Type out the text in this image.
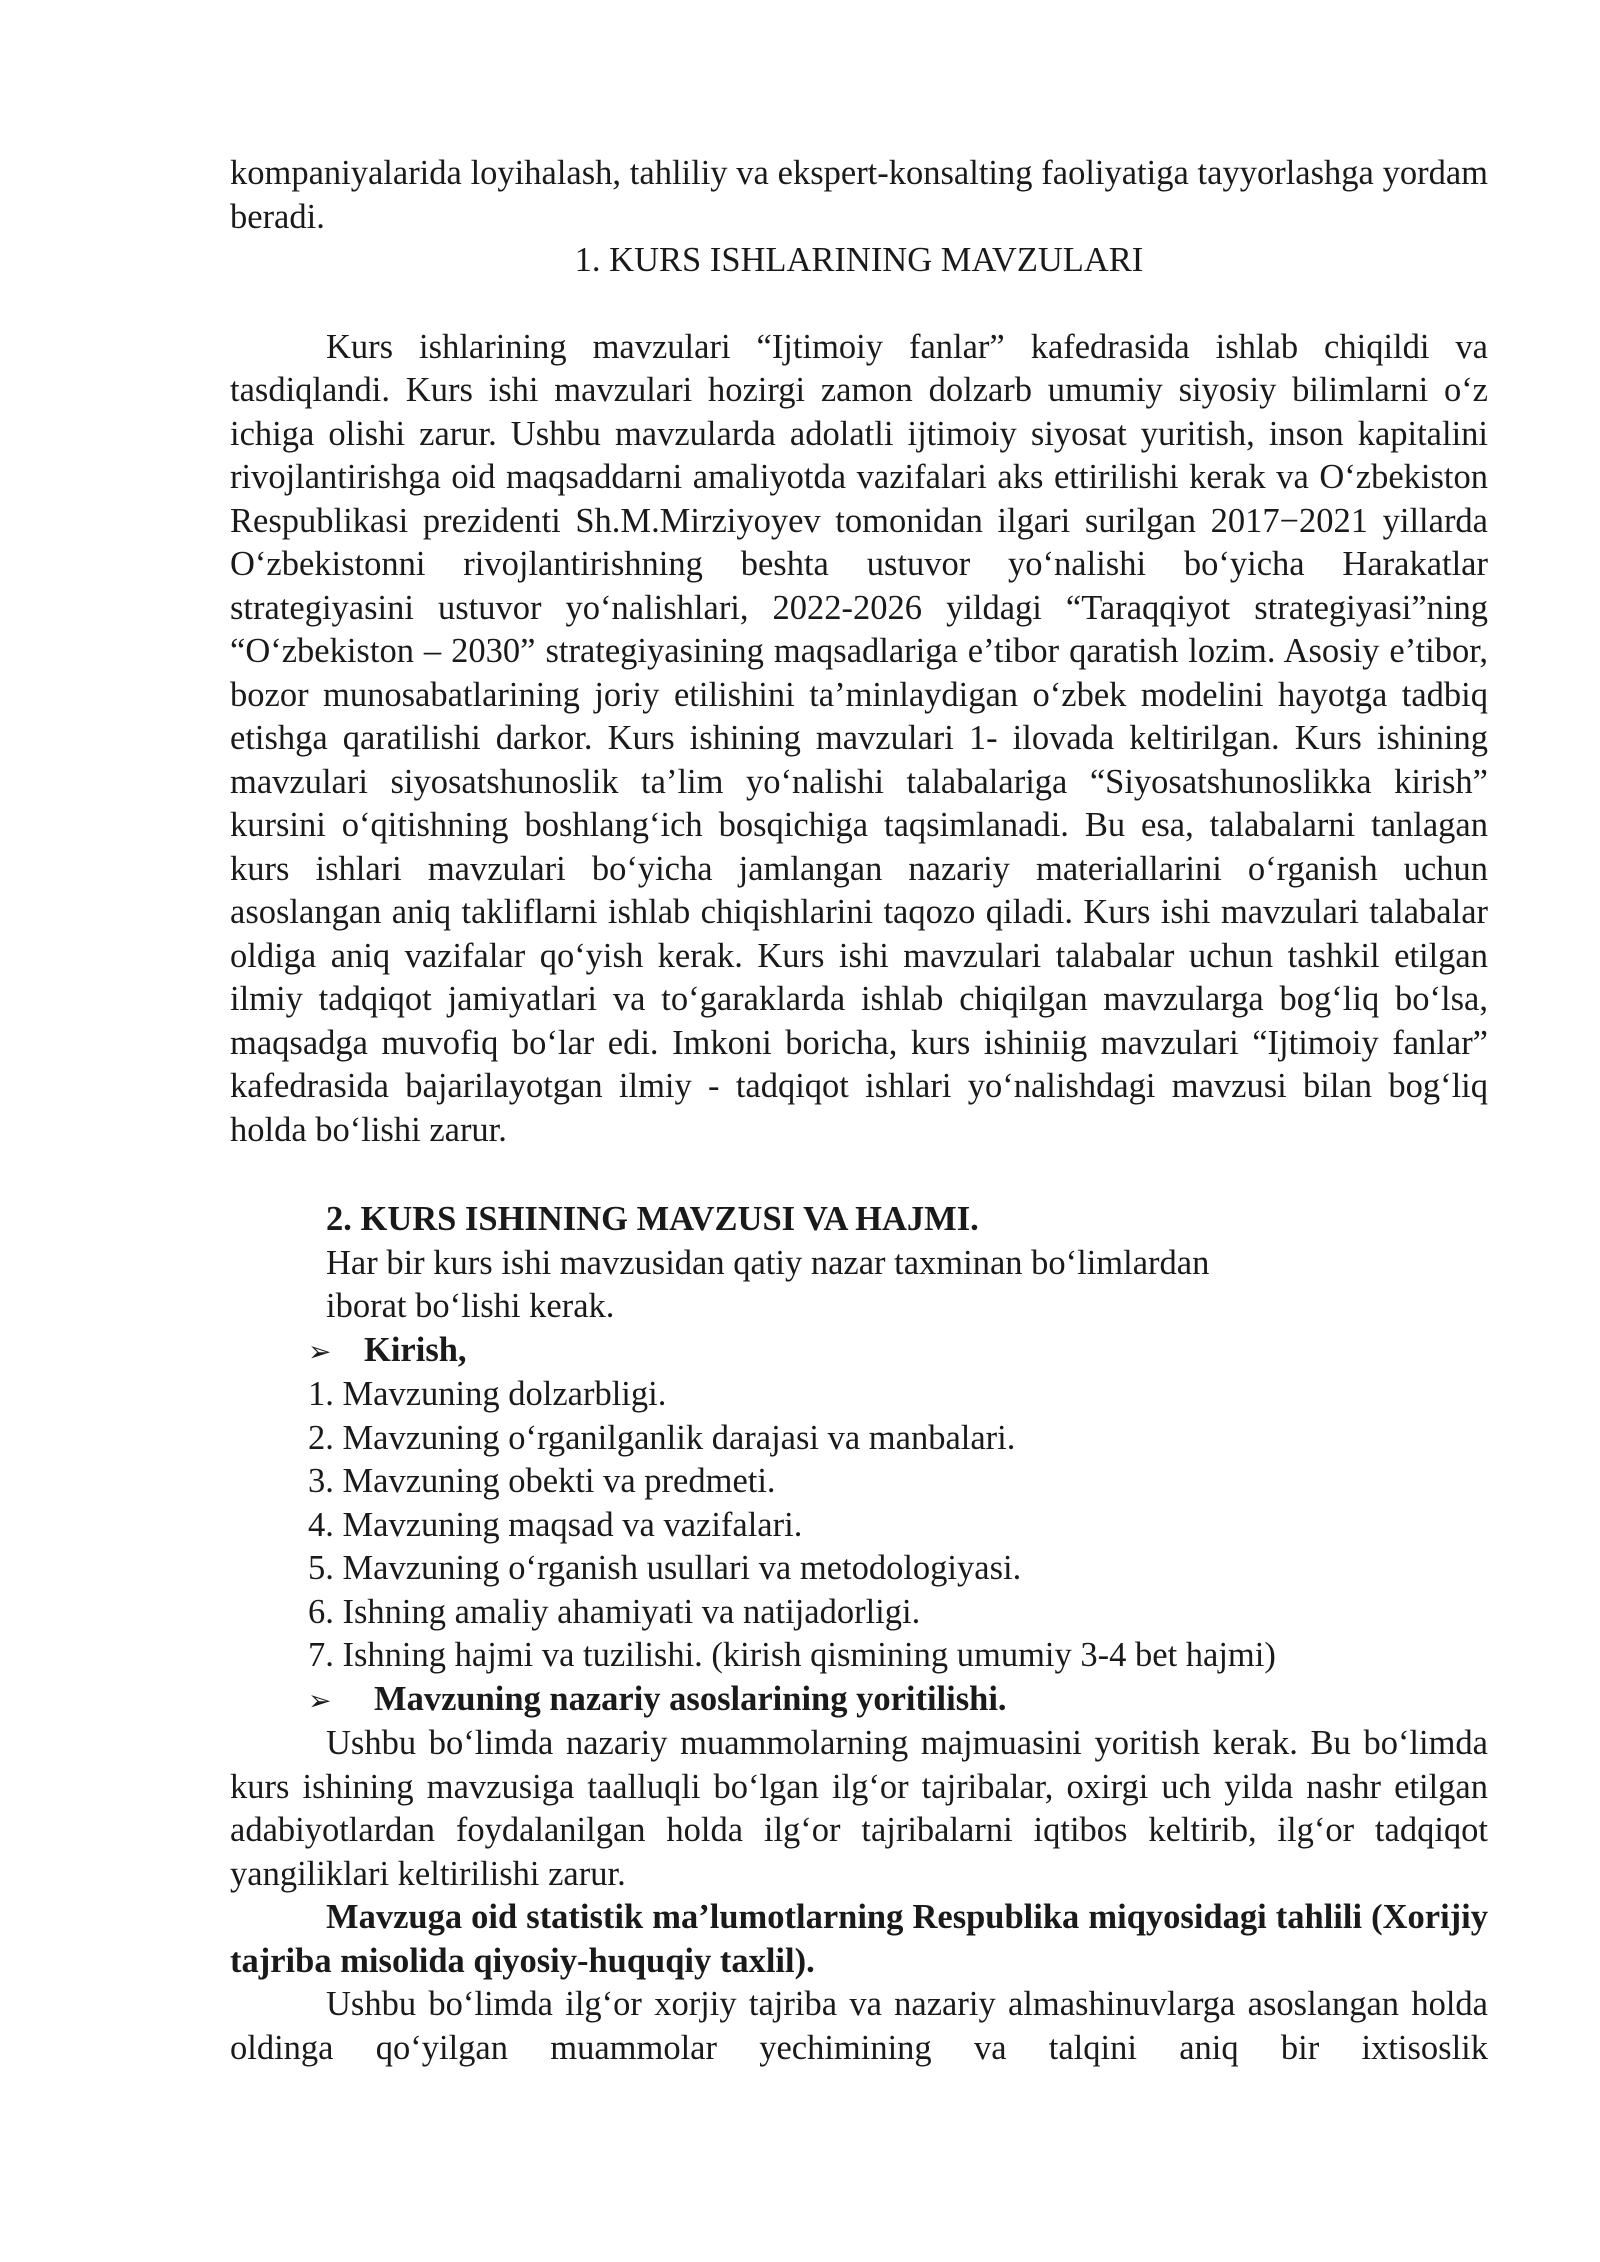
kompaniyalarida loyihalash, tahliliy va ekspert-konsalting faoliyatiga tayyorlashga yordam beradi.

1. KURS ISHLARINING MAVZULARI

Kurs ishlarining mavzulari “Ijtimoiy fanlar” kafedrasida ishlab chiqildi va tasdiqlandi. Kurs ishi mavzulari hozirgi zamon dolzarb umumiy siyosiy bilimlarni o‘z ichiga olishi zarur. Ushbu mavzularda adolatli ijtimoiy siyosat yuritish, inson kapitalini rivojlantirishga oid maqsaddarni amaliyotda vazifalari aks ettirilishi kerak va O‘zbekiston Respublikasi prezidenti Sh.M.Mirziyoyev tomonidan ilgari surilgan 2017−2021 yillarda O‘zbekistonni rivojlantirishning beshta ustuvor yo‘nalishi bo‘yicha Harakatlar strategiyasini ustuvor yo‘nalishlari, 2022-2026 yildagi “Taraqqiyot strategiyasi”ning “O‘zbekiston – 2030” strategiyasining maqsadlariga e’tibor qaratish lozim. Asosiy e’tibor, bozor munosabatlarining joriy etilishini ta’minlaydigan o‘zbek modelini hayotga tadbiq etishga qaratilishi darkor. Kurs ishining mavzulari 1- ilovada keltirilgan. Kurs ishining mavzulari siyosatshunoslik ta’lim yo‘nalishi talabalariga “Siyosatshunoslikka kirish” kursini o‘qitishning boshlang‘ich bosqichiga taqsimlanadi. Bu esa, talabalarni tanlagan kurs ishlari mavzulari bo‘yicha jamlangan nazariy materiallarini o‘rganish uchun asoslangan aniq takliflarni ishlab chiqishlarini taqozo qiladi. Kurs ishi mavzulari talabalar oldiga aniq vazifalar qo‘yish kerak. Kurs ishi mavzulari talabalar uchun tashkil etilgan ilmiy tadqiqot jamiyatlari va to‘garaklarda ishlab chiqilgan mavzularga bog‘liq bo‘lsa, maqsadga muvofiq bo‘lar edi. Imkoni boricha, kurs ishiniig mavzulari “Ijtimoiy fanlar” kafedrasida bajarilayotgan ilmiy - tadqiqot ishlari yo‘nalishdagi mavzusi bilan bog‘liq holda bo‘lishi zarur.

2. KURS ISHINING MAVZUSI VA HAJMI.

Har bir kurs ishi mavzusidan qatiy nazar taxminan bo‘limlardan

iborat bo‘lishi kerak.

➢ Kirish,
1. Mavzuning dolzarbligi.
2. Mavzuning o‘rganilganlik darajasi va manbalari.
3. Mavzuning obekti va predmeti.
4. Mavzuning maqsad va vazifalari.
5. Mavzuning o‘rganish usullari va metodologiyasi.
6. Ishning amaliy ahamiyati va natijadorligi.
7. Ishning hajmi va tuzilishi. (kirish qismining umumiy 3-4 bet hajmi)
➢	Mavzuning nazariy asoslarining yoritilishi.

Ushbu bo‘limda nazariy muammolarning majmuasini yoritish kerak. Bu bo‘limda kurs ishining mavzusiga taalluqli bo‘lgan ilg‘or tajribalar, oxirgi uch yilda nashr etilgan adabiyotlardan foydalanilgan holda ilg‘or tajribalarni iqtibos keltirib, ilg‘or tadqiqot yangiliklari keltirilishi zarur.

Mavzuga oid statistik ma’lumotlarning Respublika miqyosidagi tahlili (Xorijiy tajriba misolida qiyosiy-huquqiy taxlil).

Ushbu bo‘limda ilg‘or xorjiy tajriba va nazariy almashinuvlarga asoslangan holda oldinga qo‘yilgan muammolar yechimining va talqini aniq bir ixtisoslik
